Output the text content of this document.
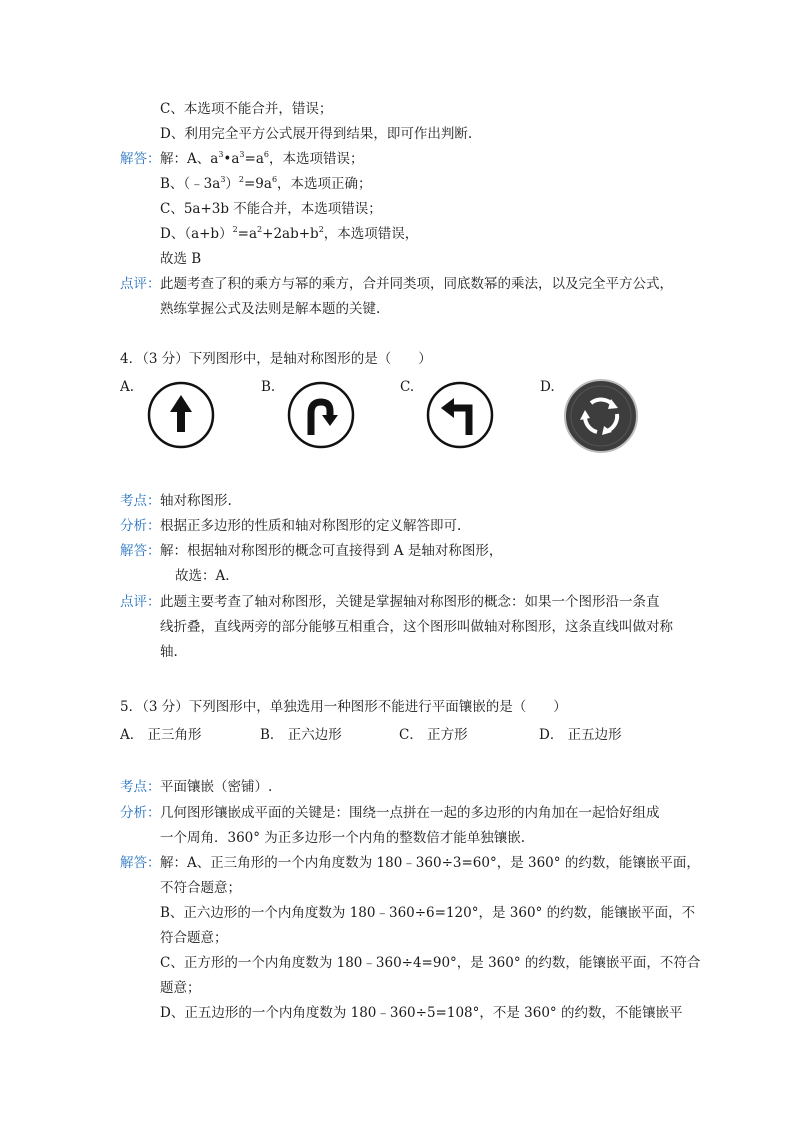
C、本选项不能合并，错误；
D、利用完全平方公式展开得到结果，即可作出判断.
解答： 解：A、$a^3•a^3=a^6$，本选项错误；
B、$(﹣3a^3)^2=9a^6$，本选项正确；
C、5a+3b 不能合并，本选项错误；
D、$(a+b)^2=a^2+2ab+b^2$，本选项错误，
故选 B
点评： 此题考查了积的乘方与幂的乘方，合并同类项，同底数幂的乘法，以及完全平方公式，
熟练掌握公式及法则是解本题的关键.
4．（3 分）下列图形中，是轴对称图形的是（　　）
A.	B.	C.	D.
考点： 轴对称图形.
分析： 根据正多边形的性质和轴对称图形的定义解答即可.
解答： 解：根据轴对称图形的概念可直接得到 A 是轴对称图形，
故选：A.
点评： 此题主要考查了轴对称图形，关键是掌握轴对称图形的概念：如果一个图形沿一条直
线折叠，直线两旁的部分能够互相重合，这个图形叫做轴对称图形，这条直线叫做对称
轴.
5．（3 分）下列图形中，单独选用一种图形不能进行平面镶嵌的是（　　）
A． 正三角形	B． 正六边形	C． 正方形	D． 正五边形
考点： 平面镶嵌（密铺）.
分析： 几何图形镶嵌成平面的关键是：围绕一点拼在一起的多边形的内角加在一起恰好组成
一个周角．360° 为正多边形一个内角的整数倍才能单独镶嵌.
解答： 解：A、正三角形的一个内角度数为 180﹣360÷3=60°，是 360° 的约数，能镶嵌平面，
不符合题意；
B、正六边形的一个内角度数为 180﹣360÷6=120°，是 360° 的约数，能镶嵌平面，不
符合题意；
C、正方形的一个内角度数为 180﹣360÷4=90°，是 360° 的约数，能镶嵌平面，不符合
题意；
D、正五边形的一个内角度数为 180﹣360÷5=108°，不是 360° 的约数，不能镶嵌平
